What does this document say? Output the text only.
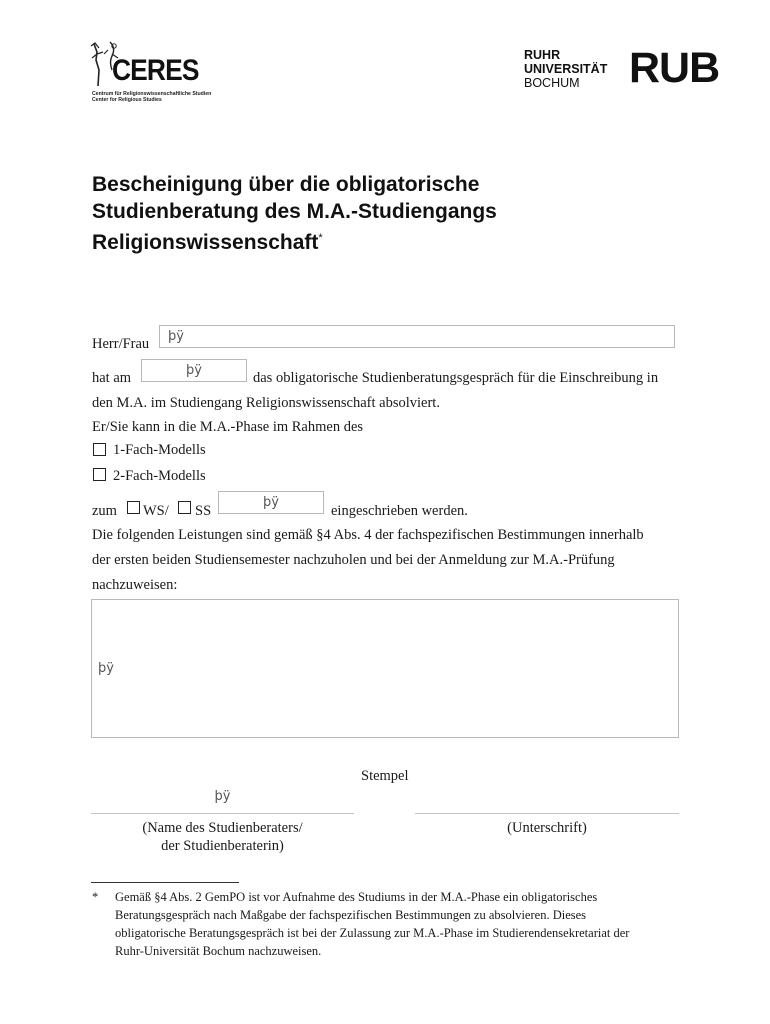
CERES
Centrum für Religionswissenschaftliche Studien
Center for Religious Studies
RUHR
UNIVERSITÄT
BOCHUM	RUB
Bescheinigung über die obligatorische
Studienberatung des M.A.-Studiengangs
Religionswissenschaft*
Herr/Frau	þÿ
hat am	þÿ	das obligatorische Studienberatungsgespräch für die Einschreibung in
den M.A. im Studiengang Religionswissenschaft absolviert.
Er/Sie kann in die M.A.-Phase im Rahmen des
1-Fach-Modells
2-Fach-Modells
zum WS/ SS
þÿ
eingeschrieben werden.
Die folgenden Leistungen sind gemäß §4 Abs. 4 der fachspezifischen Bestimmungen innerhalb
der ersten beiden Studiensemester nachzuholen und bei der Anmeldung zur M.A.-Prüfung
nachzuweisen:
þÿ
Stempel
þÿ
(Name des Studienberaters/
der Studienberaterin)
(Unterschrift)
* Gemäß §4 Abs. 2 GemPO ist vor Aufnahme des Studiums in der M.A.-Phase ein obligatorisches
Beratungsgespräch nach Maßgabe der fachspezifischen Bestimmungen zu absolvieren. Dieses
obligatorische Beratungsgespräch ist bei der Zulassung zur M.A.-Phase im Studierendensekretariat der
Ruhr-Universität Bochum nachzuweisen.
